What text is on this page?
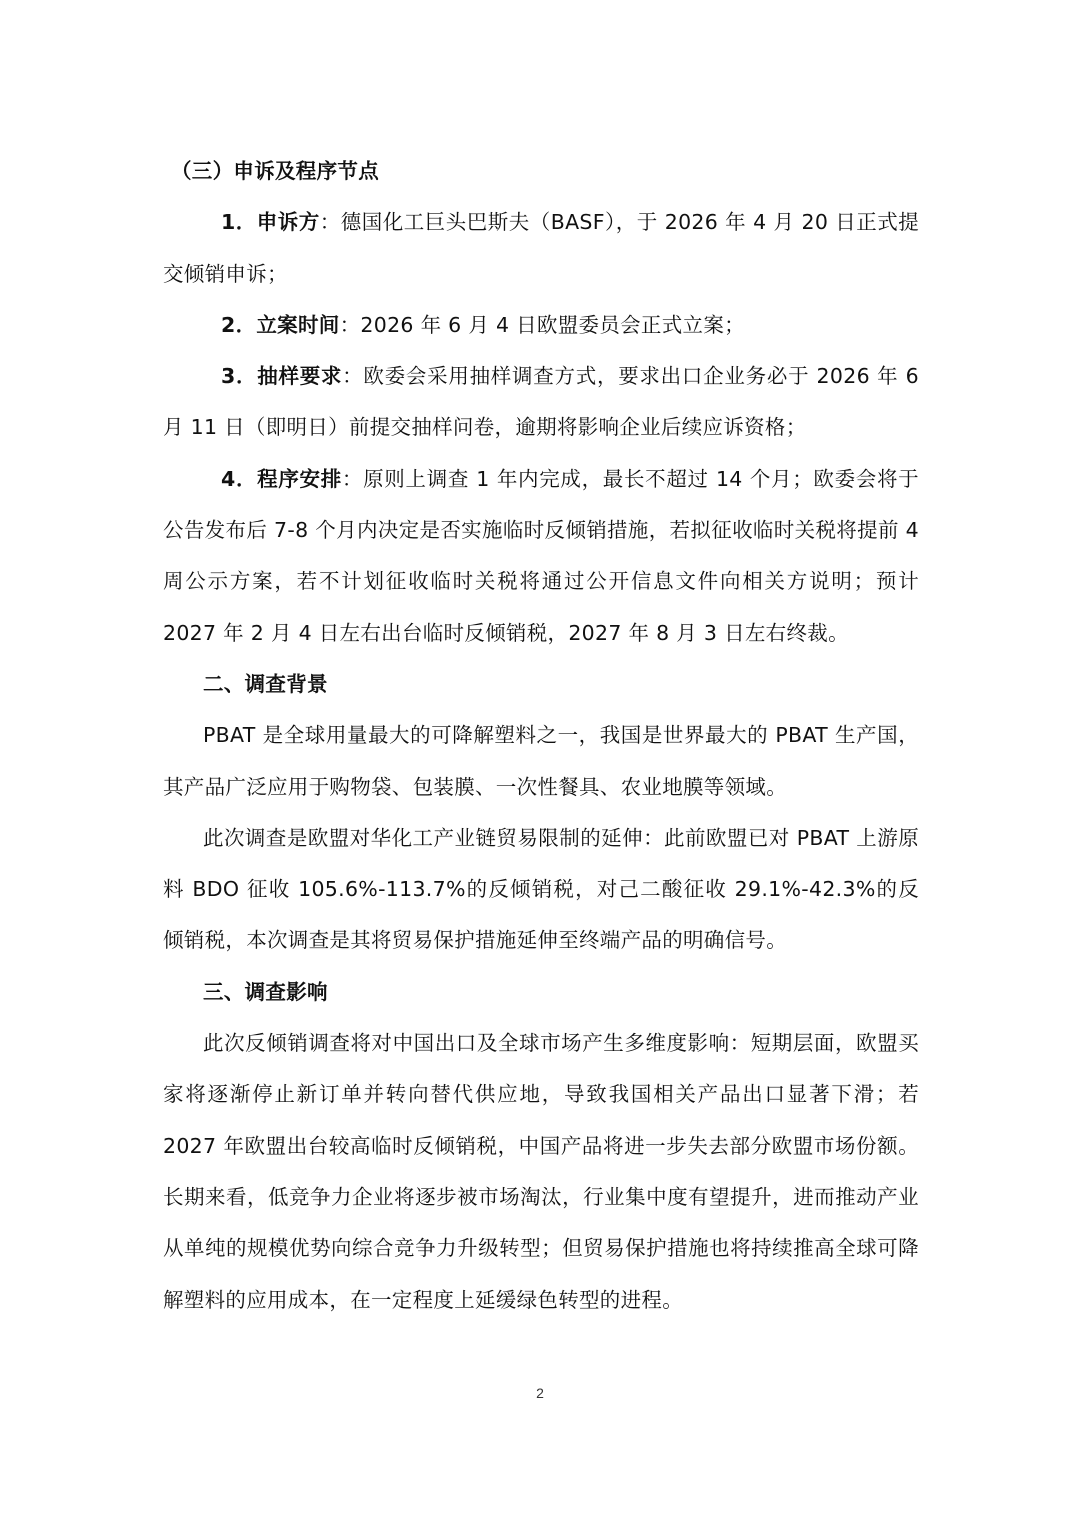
（三）申诉及程序节点

1．申诉方：德国化工巨头巴斯夫（BASF），于 2026 年 4 月 20 日正式提交倾销申诉；

2．立案时间：2026 年 6 月 4 日欧盟委员会正式立案；

3．抽样要求：欧委会采用抽样调查方式，要求出口企业务必于 2026 年 6 月 11 日（即明日）前提交抽样问卷，逾期将影响企业后续应诉资格；

4．程序安排：原则上调查 1 年内完成，最长不超过 14 个月；欧委会将于公告发布后 7-8 个月内决定是否实施临时反倾销措施，若拟征收临时关税将提前 4 周公示方案，若不计划征收临时关税将通过公开信息文件向相关方说明；预计 2027 年 2 月 4 日左右出台临时反倾销税，2027 年 8 月 3 日左右终裁。

二、调查背景

PBAT 是全球用量最大的可降解塑料之一，我国是世界最大的 PBAT 生产国，其产品广泛应用于购物袋、包装膜、一次性餐具、农业地膜等领域。

此次调查是欧盟对华化工产业链贸易限制的延伸：此前欧盟已对 PBAT 上游原料 BDO 征收 105.6%-113.7%的反倾销税，对己二酸征收 29.1%-42.3%的反倾销税，本次调查是其将贸易保护措施延伸至终端产品的明确信号。

三、调查影响

此次反倾销调查将对中国出口及全球市场产生多维度影响：短期层面，欧盟买家将逐渐停止新订单并转向替代供应地，导致我国相关产品出口显著下滑；若 2027 年欧盟出台较高临时反倾销税，中国产品将进一步失去部分欧盟市场份额。长期来看，低竞争力企业将逐步被市场淘汰，行业集中度有望提升，进而推动产业从单纯的规模优势向综合竞争力升级转型；但贸易保护措施也将持续推高全球可降解塑料的应用成本，在一定程度上延缓绿色转型的进程。

2
